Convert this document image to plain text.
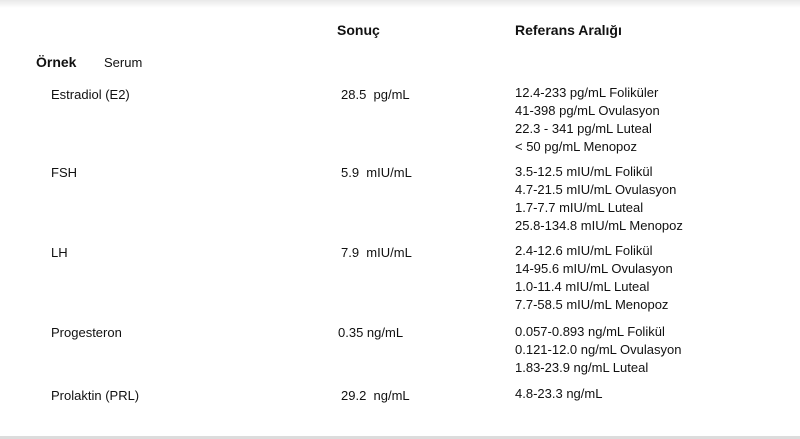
Sonuç	Referans Aralığı
Örnek Serum
Estradiol (E2)	28.5  pg/mL	12.4-233 pg/mL Foliküler
41-398 pg/mL Ovulasyon
22.3 - 341 pg/mL Luteal
< 50 pg/mL Menopoz
FSH	5.9  mIU/mL	3.5-12.5 mIU/mL Folikül
4.7-21.5 mIU/mL Ovulasyon
1.7-7.7 mIU/mL Luteal
25.8-134.8 mIU/mL Menopoz
LH	7.9  mIU/mL	2.4-12.6 mIU/mL Folikül
14-95.6 mIU/mL Ovulasyon
1.0-11.4 mIU/mL Luteal
7.7-58.5 mIU/mL Menopoz
Progesteron	0.35 ng/mL	0.057-0.893 ng/mL Folikül
0.121-12.0 ng/mL Ovulasyon
1.83-23.9 ng/mL Luteal
Prolaktin (PRL)	29.2  ng/mL	4.8-23.3 ng/mL
